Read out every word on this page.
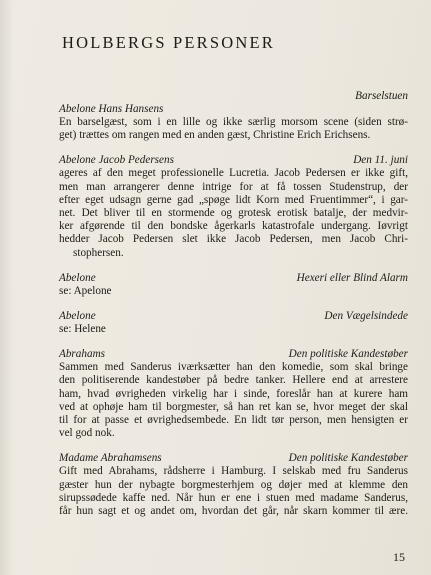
HOLBERGS PERSONER
Abelone Hans Hansens
Barselstuen

En barselgæst, som i en lille og ikke særlig morsom scene (siden strø-
get) trættes om rangen med en anden gæst, Christine Erich Erichsens.

Abelone Jacob Pedersens	Den 11. juni

ageres af den meget professionelle Lucretia. Jacob Pedersen er ikke gift,
men man arrangerer denne intrige for at få tossen Studenstrup, der
efter eget udsagn gerne gad „spøge lidt Korn med Fruentimmer“, i gar-
net. Det bliver til en stormende og grotesk erotisk batalje, der medvir-
ker afgørende til den bondske ågerkarls katastrofale undergang. Iøvrigt
hedder Jacob Pedersen slet ikke Jacob Pedersen, men Jacob Chri-
stophersen.

Abelone	Hexeri eller Blind Alarm

se: Apelone

Abelone	Den Vægelsindede

se: Helene

Abrahams	Den politiske Kandestøber

Sammen med Sanderus iværksætter han den komedie, som skal bringe
den politiserende kandestøber på bedre tanker. Hellere end at arrestere
ham, hvad øvrigheden virkelig har i sinde, foreslår han at kurere ham
ved at ophøje ham til borgmester, så han ret kan se, hvor meget der skal
til for at passe et øvrighedsembede. En lidt tør person, men hensigten er
vel god nok.

Madame Abrahamsens	Den politiske Kandestøber

Gift med Abrahams, rådsherre i Hamburg. I selskab med fru Sanderus
gæster hun der nybagte borgmesterhjem og døjer med at klemme den
sirupssødede kaffe ned. Når hun er ene i stuen med madame Sanderus,
får hun sagt et og andet om, hvordan det går, når skarn kommer til ære.

15
